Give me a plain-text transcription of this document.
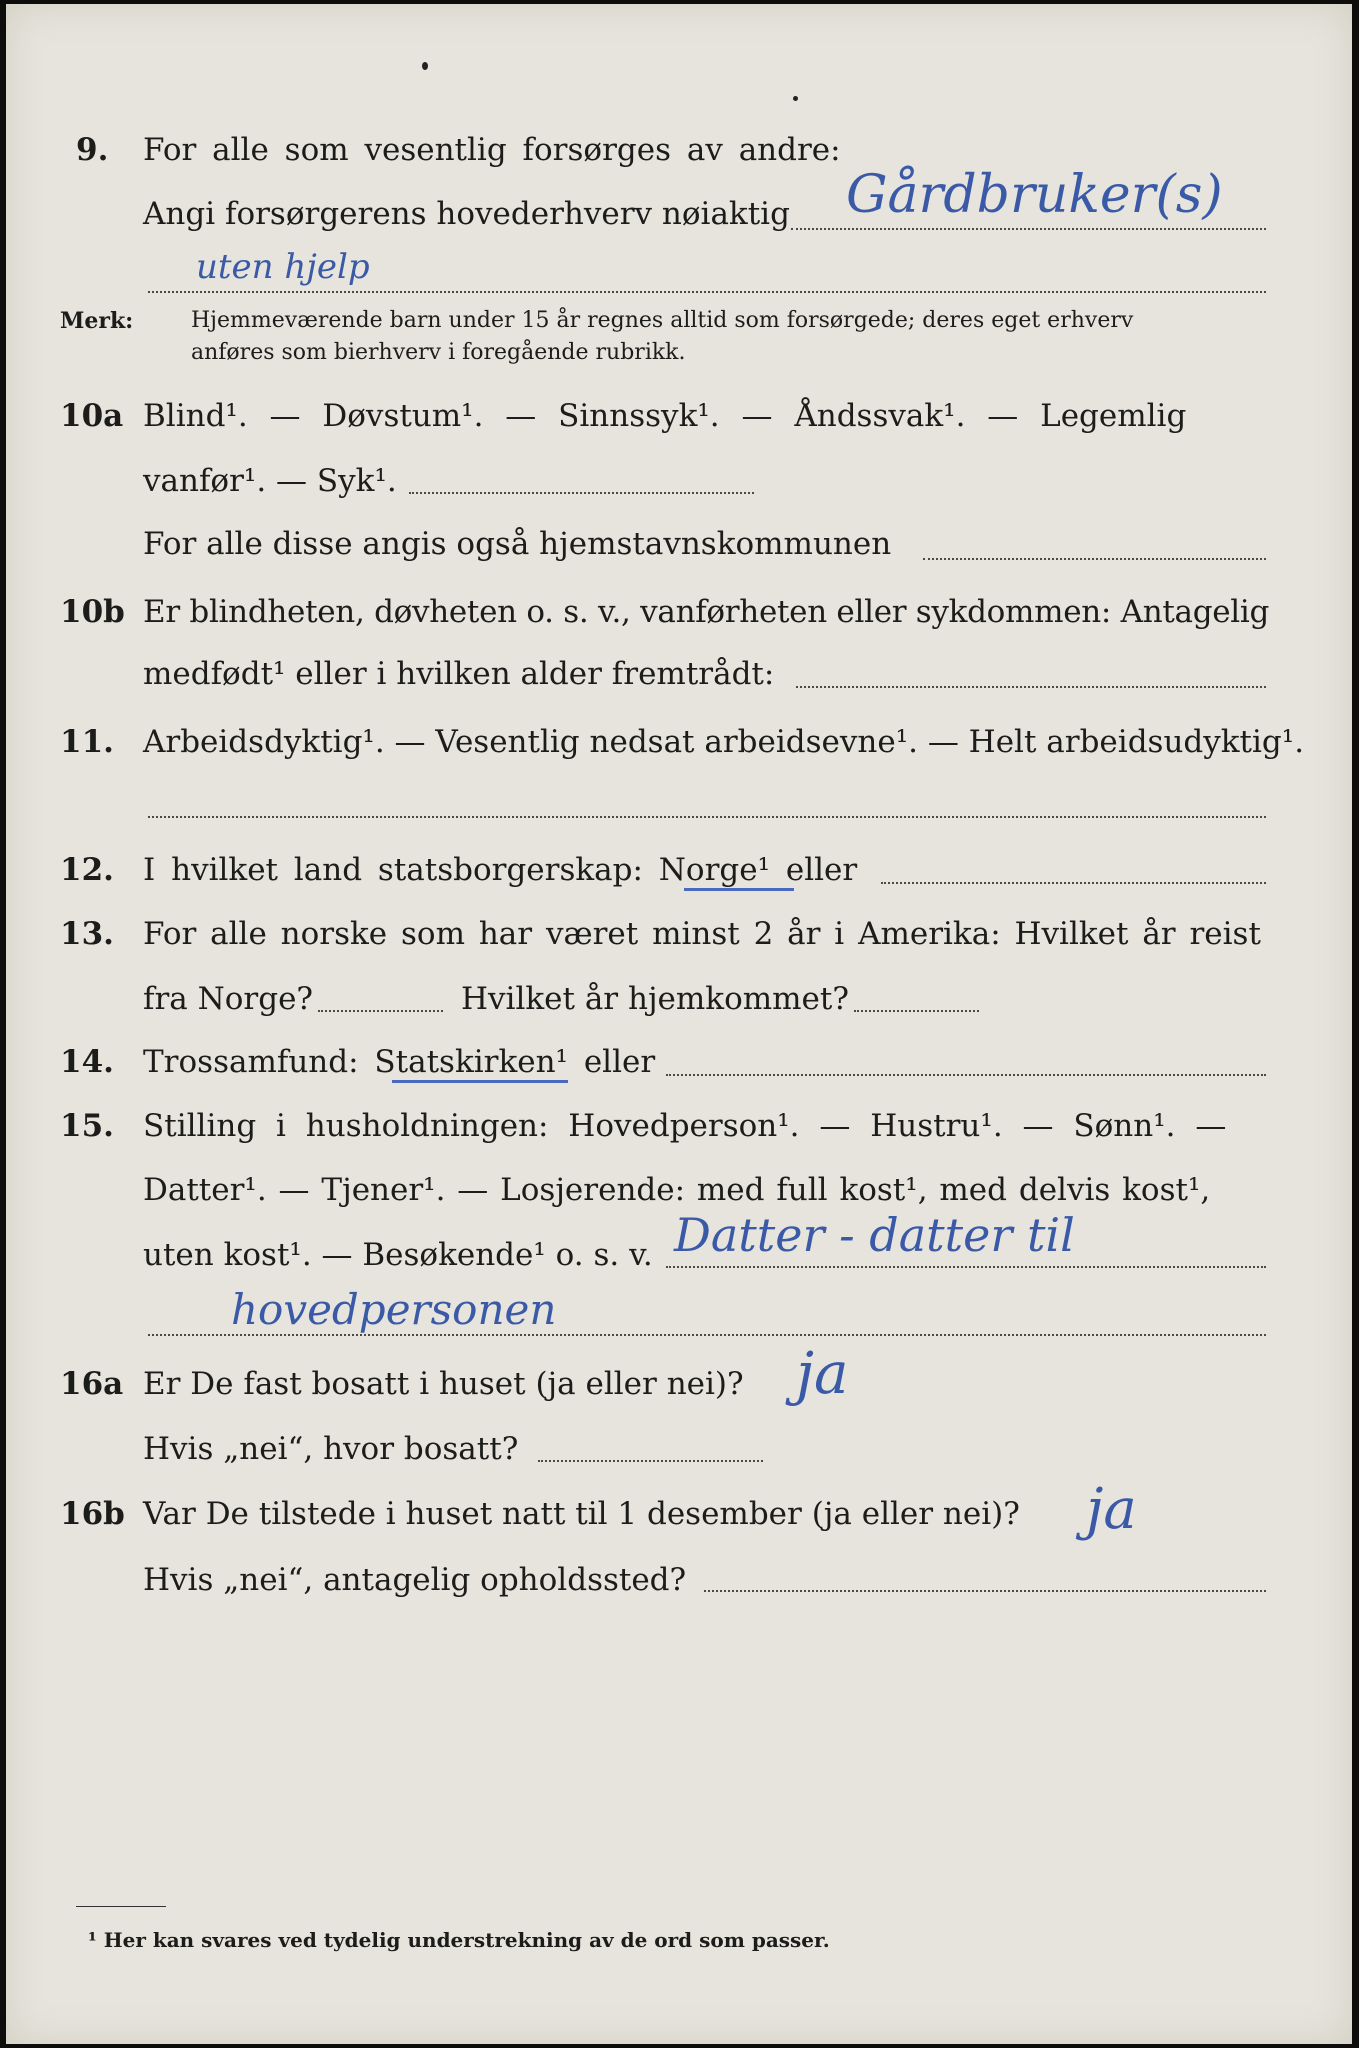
9. For alle som vesentlig forsørges av andre:
Angi forsørgerens hovederhverv nøiaktig Gårdbruker(s)
uten hjelp
Merk:	Hjemmeværende barn under 15 år regnes alltid som forsørgede; deres eget erhverv
anføres som bierhverv i foregående rubrikk.
10a Blind¹. — Døvstum¹. — Sinnssyk¹. — Åndssvak¹. — Legemlig
vanfør¹. — Syk¹.
For alle disse angis også hjemstavnskommunen
10b Er blindheten, døvheten o. s. v., vanførheten eller sykdommen: Antagelig
medfødt¹ eller i hvilken alder fremtrådt:
11. Arbeidsdyktig¹. — Vesentlig nedsat arbeidsevne¹. — Helt arbeidsudyktig¹.
12. I hvilket land statsborgerskap: Norge¹ eller
13. For alle norske som har været minst 2 år i Amerika: Hvilket år reist
fra Norge?	Hvilket år hjemkommet?
14. Trossamfund: Statskirken¹ eller
15. Stilling i husholdningen: Hovedperson¹. — Hustru¹. — Sønn¹. —
Datter¹. — Tjener¹. — Losjerende: med full kost¹, med delvis kost¹,
uten kost¹. — Besøkende¹ o. s. v. Datter - datter til
hovedpersonen
16a Er De fast bosatt i huset (ja eller nei)? ja
Hvis „nei“, hvor bosatt?
16b Var De tilstede i huset natt til 1 desember (ja eller nei)? ja
Hvis „nei“, antagelig opholdssted?
¹ Her kan svares ved tydelig understrekning av de ord som passer.
